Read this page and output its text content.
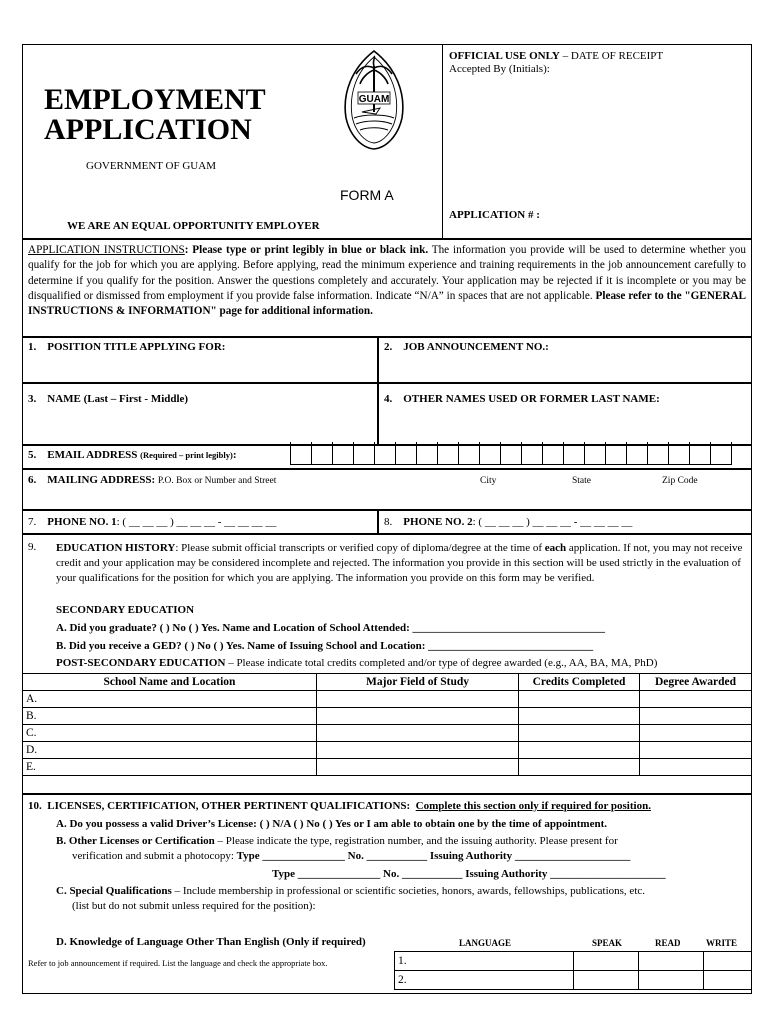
EMPLOYMENT
APPLICATION
GOVERNMENT OF GUAM
FORM A
WE ARE AN EQUAL OPPORTUNITY EMPLOYER
GUAM
OFFICIAL USE ONLY – DATE OF RECEIPT
Accepted By (Initials):
APPLICATION # :
APPLICATION INSTRUCTIONS: Please type or print legibly in blue or black ink. The information you provide will be used to determine whether you qualify for the job for which you are applying. Before applying, read the minimum experience and training requirements in the job announcement carefully to determine if you qualify for the position. Answer the questions completely and accurately. Your application may be rejected if it is incomplete or you may be disqualified or dismissed from employment if you provide false information. Indicate “N/A” in spaces that are not applicable. Please refer to the "GENERAL INSTRUCTIONS & INFORMATION" page for additional information.
1. POSITION TITLE APPLYING FOR:	2. JOB ANNOUNCEMENT NO.:
3. NAME (Last – First - Middle)	4. OTHER NAMES USED OR FORMER LAST NAME:
5. EMAIL ADDRESS (Required – print legibly):
6. MAILING ADDRESS: P.O. Box or Number and Street	City	State	Zip Code
7. PHONE NO. 1: ( __ __ __ ) __ __ __ - __ __ __ __	8. PHONE NO. 2: ( __ __ __ ) __ __ __ - __ __ __ __
9. EDUCATION HISTORY: Please submit official transcripts or verified copy of diploma/degree at the time of each application. If not, you may not receive credit and your application may be considered incomplete and rejected. The information you provide in this section will be used strictly in the evaluation of your qualifications for the position for which you are applying. The information you provide on this form may be verified.
SECONDARY EDUCATION
A. Did you graduate? ( ) No ( ) Yes. Name and Location of School Attended: ___________________________________
B. Did you receive a GED? ( ) No ( ) Yes. Name of Issuing School and Location: ______________________________
POST-SECONDARY EDUCATION – Please indicate total credits completed and/or type of degree awarded (e.g., AA, BA, MA, PhD)
School Name and Location	Major Field of Study	Credits Completed	Degree Awarded
A.			
B.			
C.			
D.			
E.			
10. LICENSES, CERTIFICATION, OTHER PERTINENT QUALIFICATIONS: Complete this section only if required for position.
A. Do you possess a valid Driver’s License: ( ) N/A ( ) No ( ) Yes or I am able to obtain one by the time of appointment.
B. Other Licenses or Certification – Please indicate the type, registration number, and the issuing authority. Please present for
verification and submit a photocopy: Type _______________ No. ___________ Issuing Authority _____________________
Type _______________ No. ___________ Issuing Authority _____________________
C. Special Qualifications – Include membership in professional or scientific societies, honors, awards, fellowships, publications, etc.
(list but do not submit unless required for the position):
D. Knowledge of Language Other Than English (Only if required)	LANGUAGE	SPEAK	READ	WRITE
Refer to job announcement if required. List the language and check the appropriate box.	1.			
2.			
